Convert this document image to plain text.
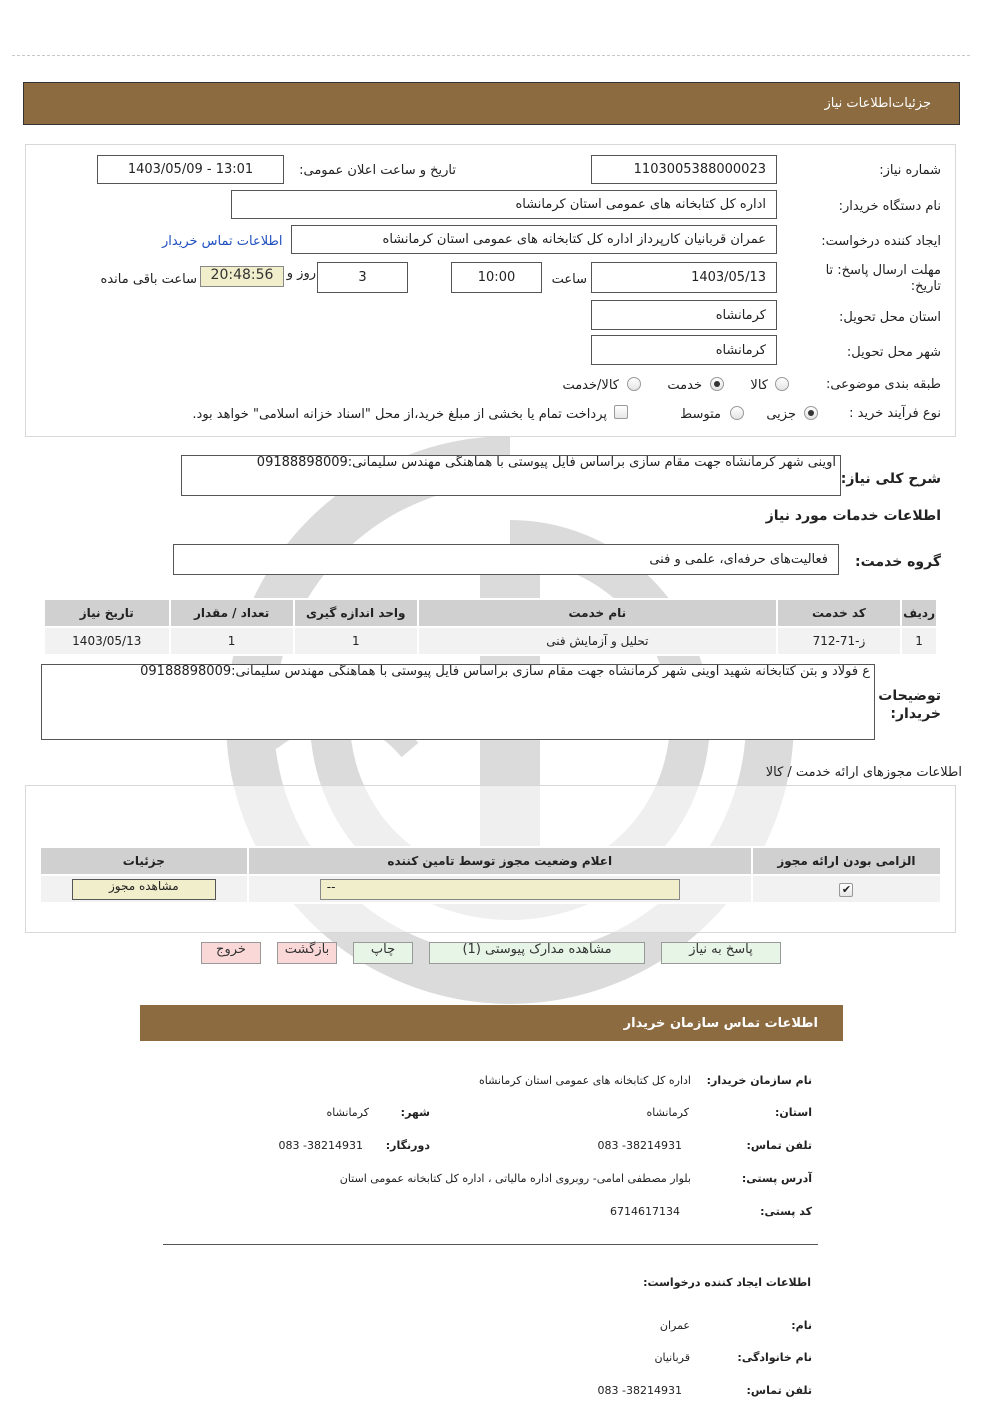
جزئیات‌اطلاعات نیاز
شماره نیاز:
1103005388000023
تاريخ و ساعت اعلان عمومی:
1403/05/09 - 13:01
نام دستگاه خریدار:
اداره کل کتابخانه های عمومی استان کرمانشاه
ایجاد کننده درخواست:
عمران قربانیان کارپرداز اداره کل کتابخانه های عمومی استان کرمانشاه
اطلاعات تماس خریدار
مهلت ارسال پاسخ: تا
تاریخ:
1403/05/13
ساعت
10:00
3
روز و
20:48:56
ساعت باقی مانده
استان محل تحویل:
کرمانشاه
شهر محل تحویل:
کرمانشاه
طبقه بندی موضوعی:
کالا
خدمت
کالا/خدمت
نوع فرآیند خرید :
جزیی
متوسط
پرداخت تمام یا بخشی از مبلغ خرید،از محل "اسناد خزانه اسلامی" خواهد بود.
شرح کلی نیاز:
اوینی شهر کرمانشاه جهت مقام سازی براساس فایل پیوستی با هماهنگی مهندس سلیمانی:09188898009
اطلاعات خدمات مورد نیاز
گروه خدمت:
فعالیت‌های حرفه‌ای، علمی و فنی
ردیف	کد خدمت	نام خدمت	واحد اندازه گیری	تعداد / مقدار	تاریخ نیاز
1	ز-71-712	تحلیل و آزمایش فنی	1	1	1403/05/13
توضیحات
خریدار:
ع فولاد و بتن کتابخانه شهید اوینی شهر کرمانشاه جهت مقام سازی براساس فایل پیوستی با هماهنگی مهندس سلیمانی:09188898009
اطلاعات مجوزهای ارائه خدمت / کالا
الزامی بودن ارائه مجوز	اعلام وضعیت مجوز توسط تامین کننده	جزئیات
✔	--	مشاهده مجوز
پاسخ به نیاز
مشاهده مدارک پیوستی (1)
چاپ
بازگشت
خروج
اطلاعات تماس سازمان خریدار
نام سازمان خریدار:
اداره کل کتابخانه های عمومی استان کرمانشاه
استان:
کرمانشاه
شهر:
کرمانشاه
تلفن تماس:
083 -38214931
دورنگار:
083 -38214931
آدرس پستی:
بلوار مصطفی امامی- روبروی اداره مالیاتی ، اداره کل کتابخانه عمومی استان
کد پستی:
6714617134
اطلاعات ایجاد کننده درخواست:
نام:
عمران
نام خانوادگی:
قربانیان
تلفن تماس:
083 -38214931
